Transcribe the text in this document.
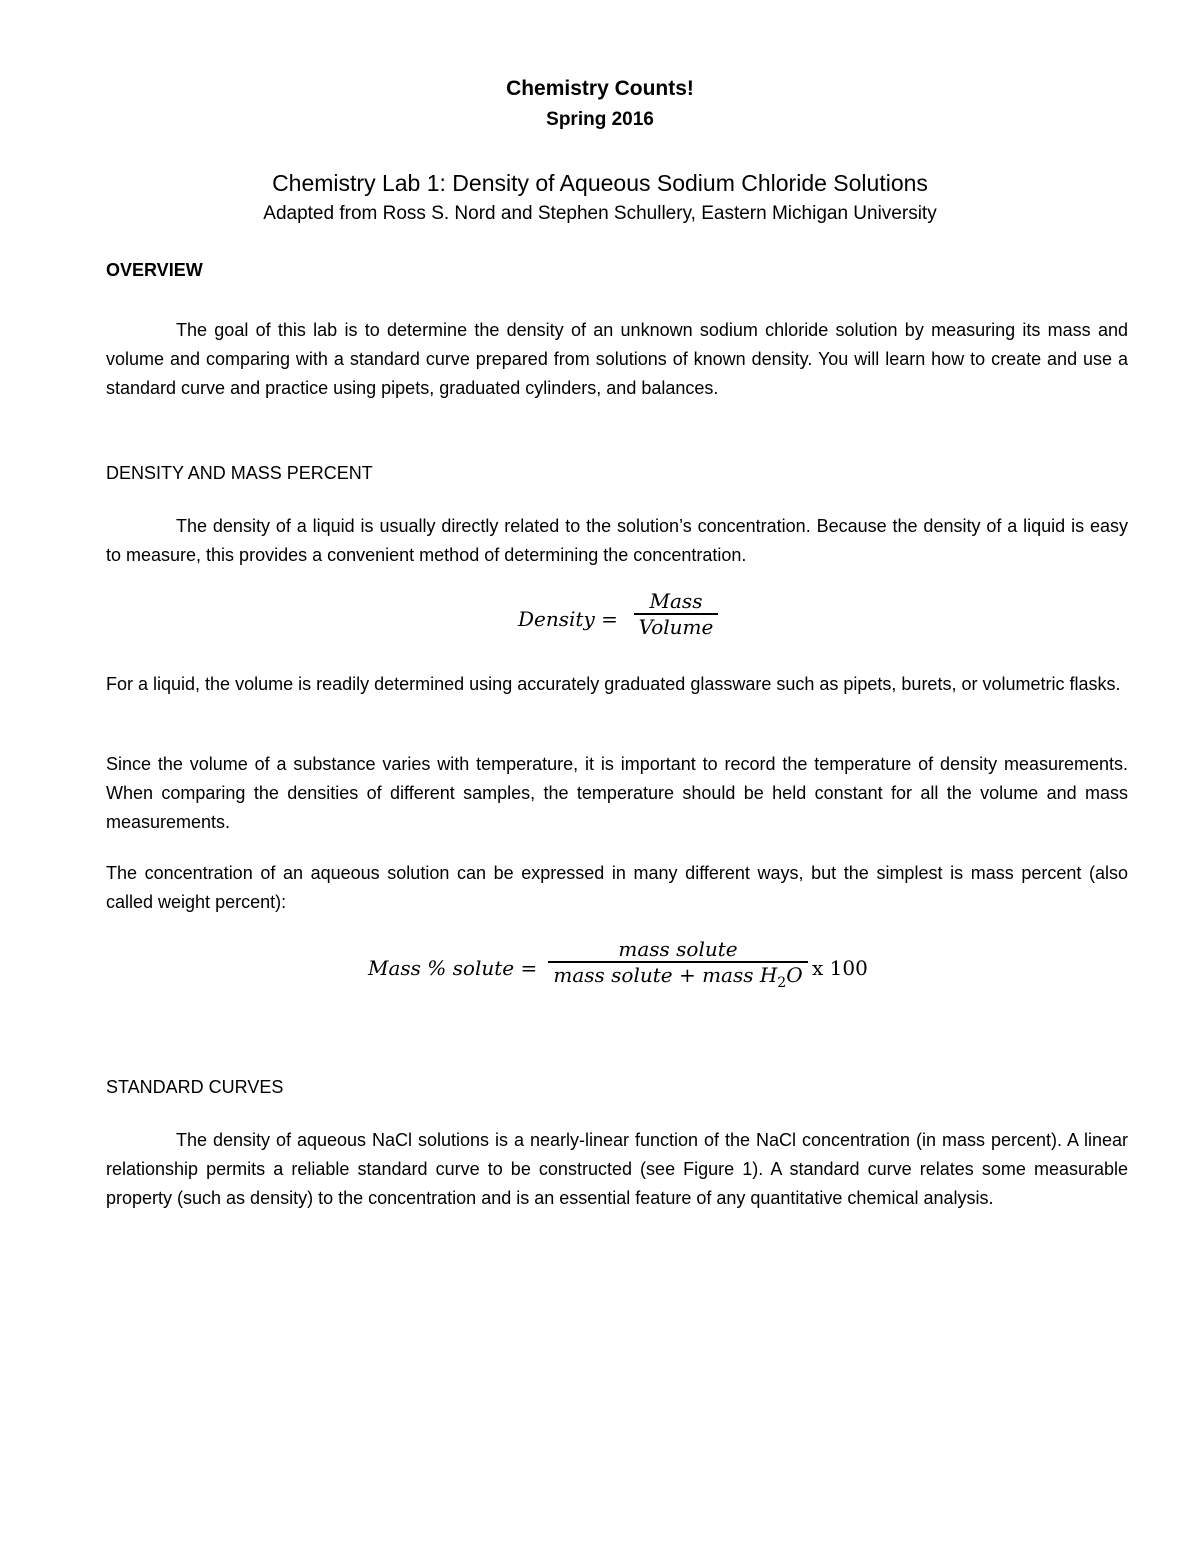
Chemistry Counts!
Spring 2016
Chemistry Lab 1: Density of Aqueous Sodium Chloride Solutions
Adapted from Ross S. Nord and Stephen Schullery, Eastern Michigan University
OVERVIEW

The goal of this lab is to determine the density of an unknown sodium chloride solution by measuring its mass and volume and comparing with a standard curve prepared from solutions of known density. You will learn how to create and use a standard curve and practice using pipets, graduated cylinders, and balances.

DENSITY AND MASS PERCENT

The density of a liquid is usually directly related to the solution’s concentration. Because the density of a liquid is easy to measure, this provides a convenient method of determining the concentration.

Density =
Mass
Volume

For a liquid, the volume is readily determined using accurately graduated glassware such as pipets, burets, or volumetric flasks.

Since the volume of a substance varies with temperature, it is important to record the temperature of density measurements. When comparing the densities of different samples, the temperature should be held constant for all the volume and mass measurements.

The concentration of an aqueous solution can be expressed in many different ways, but the simplest is mass percent (also called weight percent):

Mass % solute =
mass solute
mass solute + mass $H_2O$ x 100
STANDARD CURVES

The density of aqueous NaCl solutions is a nearly-linear function of the NaCl concentration (in mass percent). A linear relationship permits a reliable standard curve to be constructed (see Figure 1). A standard curve relates some measurable property (such as density) to the concentration and is an essential feature of any quantitative chemical analysis.
